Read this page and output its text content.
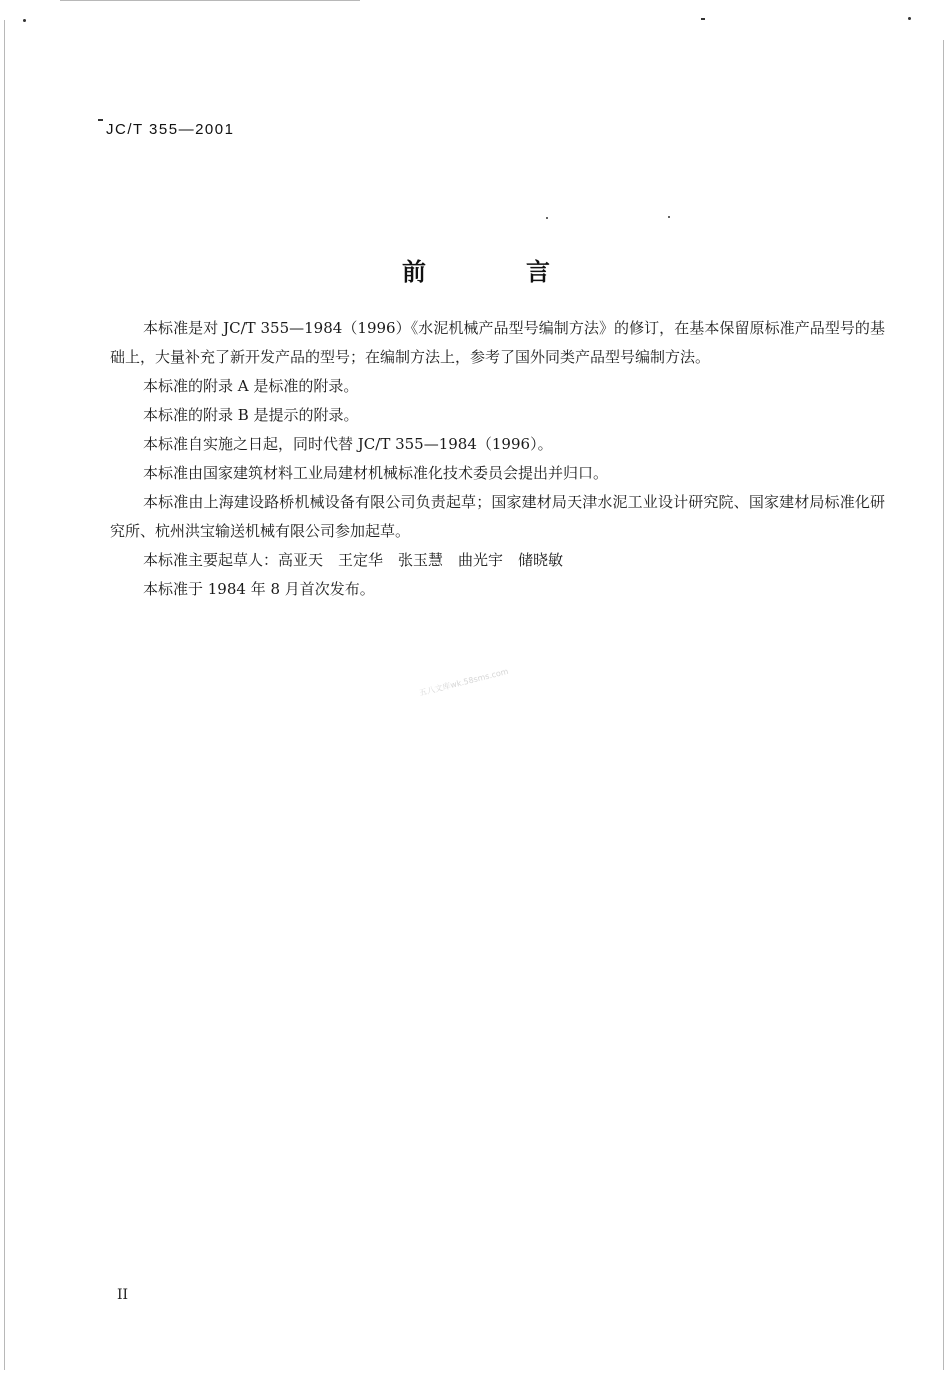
JC/T 355—2001
前　言

本标准是对 JC/T 355—1984（1996）《水泥机械产品型号编制方法》的修订，在基本保留原标准产品型号的基础上，大量补充了新开发产品的型号；在编制方法上，参考了国外同类产品型号编制方法。

本标准的附录 A 是标准的附录。

本标准的附录 B 是提示的附录。

本标准自实施之日起，同时代替 JC/T 355—1984（1996）。

本标准由国家建筑材料工业局建材机械标准化技术委员会提出并归口。

本标准由上海建设路桥机械设备有限公司负责起草；国家建材局天津水泥工业设计研究院、国家建材局标准化研究所、杭州洪宝输送机械有限公司参加起草。

本标准主要起草人：高亚天　王定华　张玉慧　曲光宇　储晓敏

本标准于 1984 年 8 月首次发布。

五八文库wk.58sms.com
II
